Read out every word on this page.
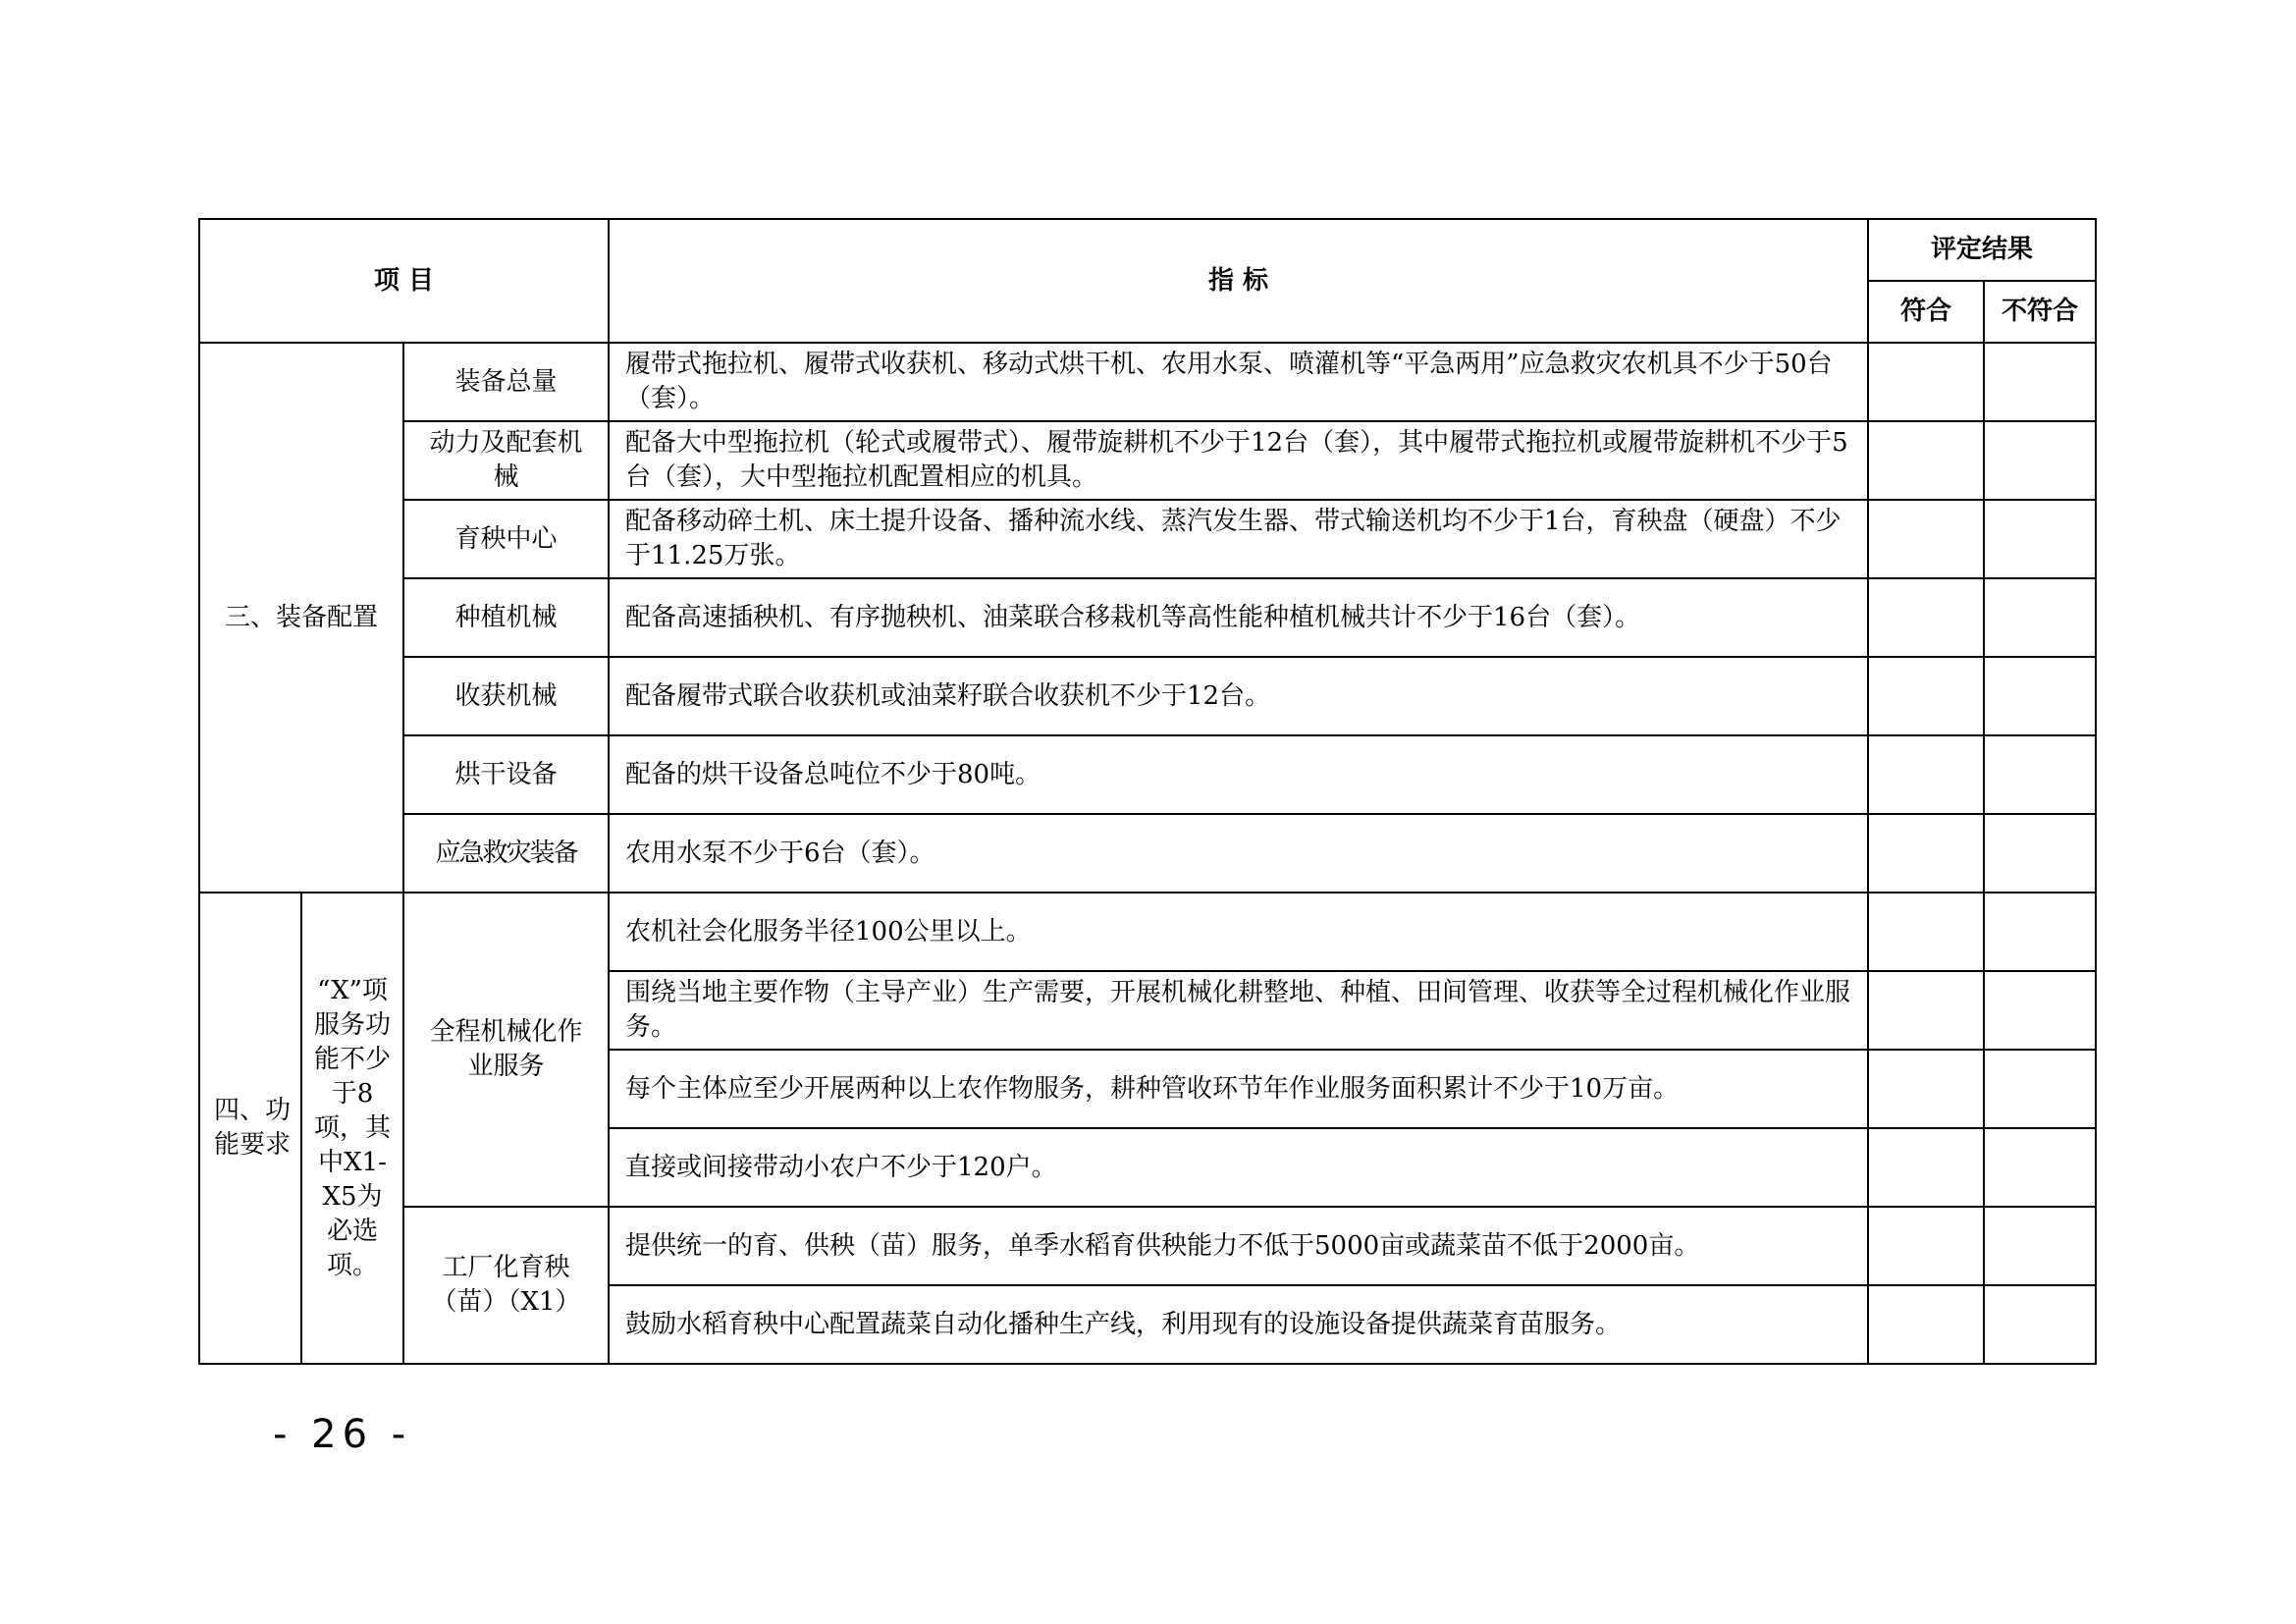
项 目			指 标	评定结果	
				符合	不符合
三、装备配置		装备总量	履带式拖拉机、履带式收获机、移动式烘干机、农用水泵、喷灌机等“平急两用”应急救灾农机具不少于50台（套）。		
		动力及配套机械	配备大中型拖拉机（轮式或履带式）、履带旋耕机不少于12台（套），其中履带式拖拉机或履带旋耕机不少于5台（套），大中型拖拉机配置相应的机具。		
		育秧中心	配备移动碎土机、床土提升设备、播种流水线、蒸汽发生器、带式输送机均不少于1台，育秧盘（硬盘）不少于11.25万张。		
		种植机械	配备高速插秧机、有序抛秧机、油菜联合移栽机等高性能种植机械共计不少于16台（套）。		
		收获机械	配备履带式联合收获机或油菜籽联合收获机不少于12台。		
		烘干设备	配备的烘干设备总吨位不少于80吨。		
		应急救灾装备	农用水泵不少于6台（套）。		
四、功能要求	“X”项服务功能不少于8项，其中X1-X5为必选项。	全程机械化作业服务	农机社会化服务半径100公里以上。		
			围绕当地主要作物（主导产业）生产需要，开展机械化耕整地、种植、田间管理、收获等全过程机械化作业服务。		
			每个主体应至少开展两种以上农作物服务，耕种管收环节年作业服务面积累计不少于10万亩。		
			直接或间接带动小农户不少于120户。		
		工厂化育秧（苗）（X1）	提供统一的育、供秧（苗）服务，单季水稻育供秧能力不低于5000亩或蔬菜苗不低于2000亩。		
			鼓励水稻育秧中心配置蔬菜自动化播种生产线，利用现有的设施设备提供蔬菜育苗服务。		
- 26 -
